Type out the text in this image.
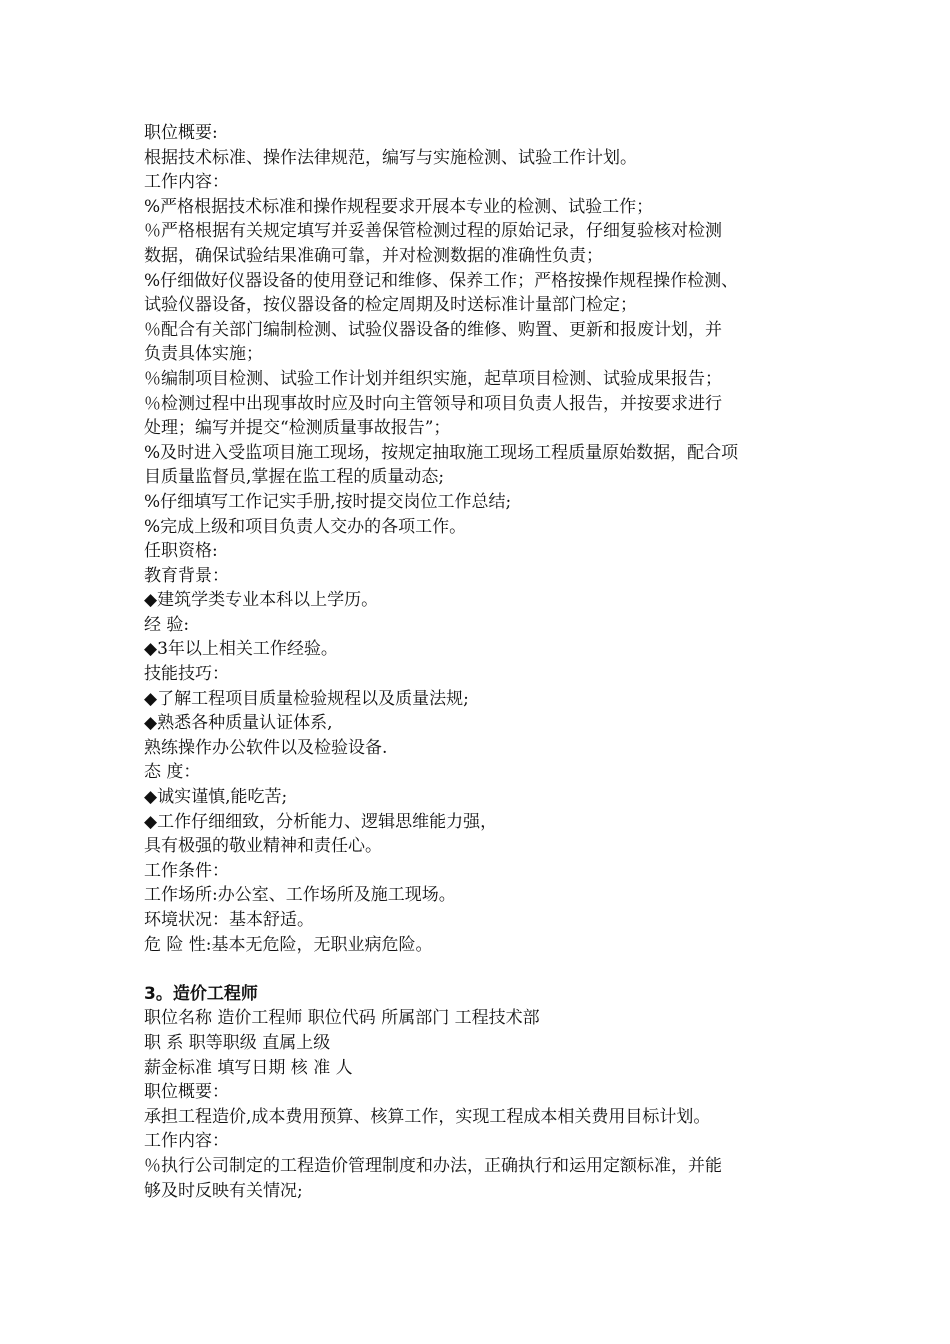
职位概要:
根据技术标准、操作法律规范，编写与实施检测、试验工作计划。
工作内容：
%严格根据技术标准和操作规程要求开展本专业的检测、试验工作；
％严格根据有关规定填写并妥善保管检测过程的原始记录，仔细复验核对检测
数据，确保试验结果准确可靠，并对检测数据的准确性负责；
%仔细做好仪器设备的使用登记和维修、保养工作；严格按操作规程操作检测、
试验仪器设备，按仪器设备的检定周期及时送标准计量部门检定；
％配合有关部门编制检测、试验仪器设备的维修、购置、更新和报废计划，并
负责具体实施；
％编制项目检测、试验工作计划并组织实施，起草项目检测、试验成果报告；
％检测过程中出现事故时应及时向主管领导和项目负责人报告，并按要求进行
处理；编写并提交“检测质量事故报告”；
%及时进入受监项目施工现场，按规定抽取施工现场工程质量原始数据，配合项
目质量监督员,掌握在监工程的质量动态;
%仔细填写工作记实手册,按时提交岗位工作总结;
%完成上级和项目负责人交办的各项工作。
任职资格:
教育背景：
◆建筑学类专业本科以上学历。
经 验:
◆3年以上相关工作经验。
技能技巧：
◆了解工程项目质量检验规程以及质量法规;
◆熟悉各种质量认证体系,
熟练操作办公软件以及检验设备.
态 度：
◆诚实谨慎,能吃苦;
◆工作仔细细致，分析能力、逻辑思维能力强，
具有极强的敬业精神和责任心。
工作条件：
工作场所:办公室、工作场所及施工现场。
环境状况：基本舒适。
危 险 性:基本无危险，无职业病危险。
3。造价工程师
职位名称 造价工程师 职位代码 所属部门 工程技术部
职 系 职等职级 直属上级
薪金标准 填写日期 核 准 人
职位概要：
承担工程造价,成本费用预算、核算工作，实现工程成本相关费用目标计划。
工作内容：
％执行公司制定的工程造价管理制度和办法，正确执行和运用定额标准，并能
够及时反映有关情况;
